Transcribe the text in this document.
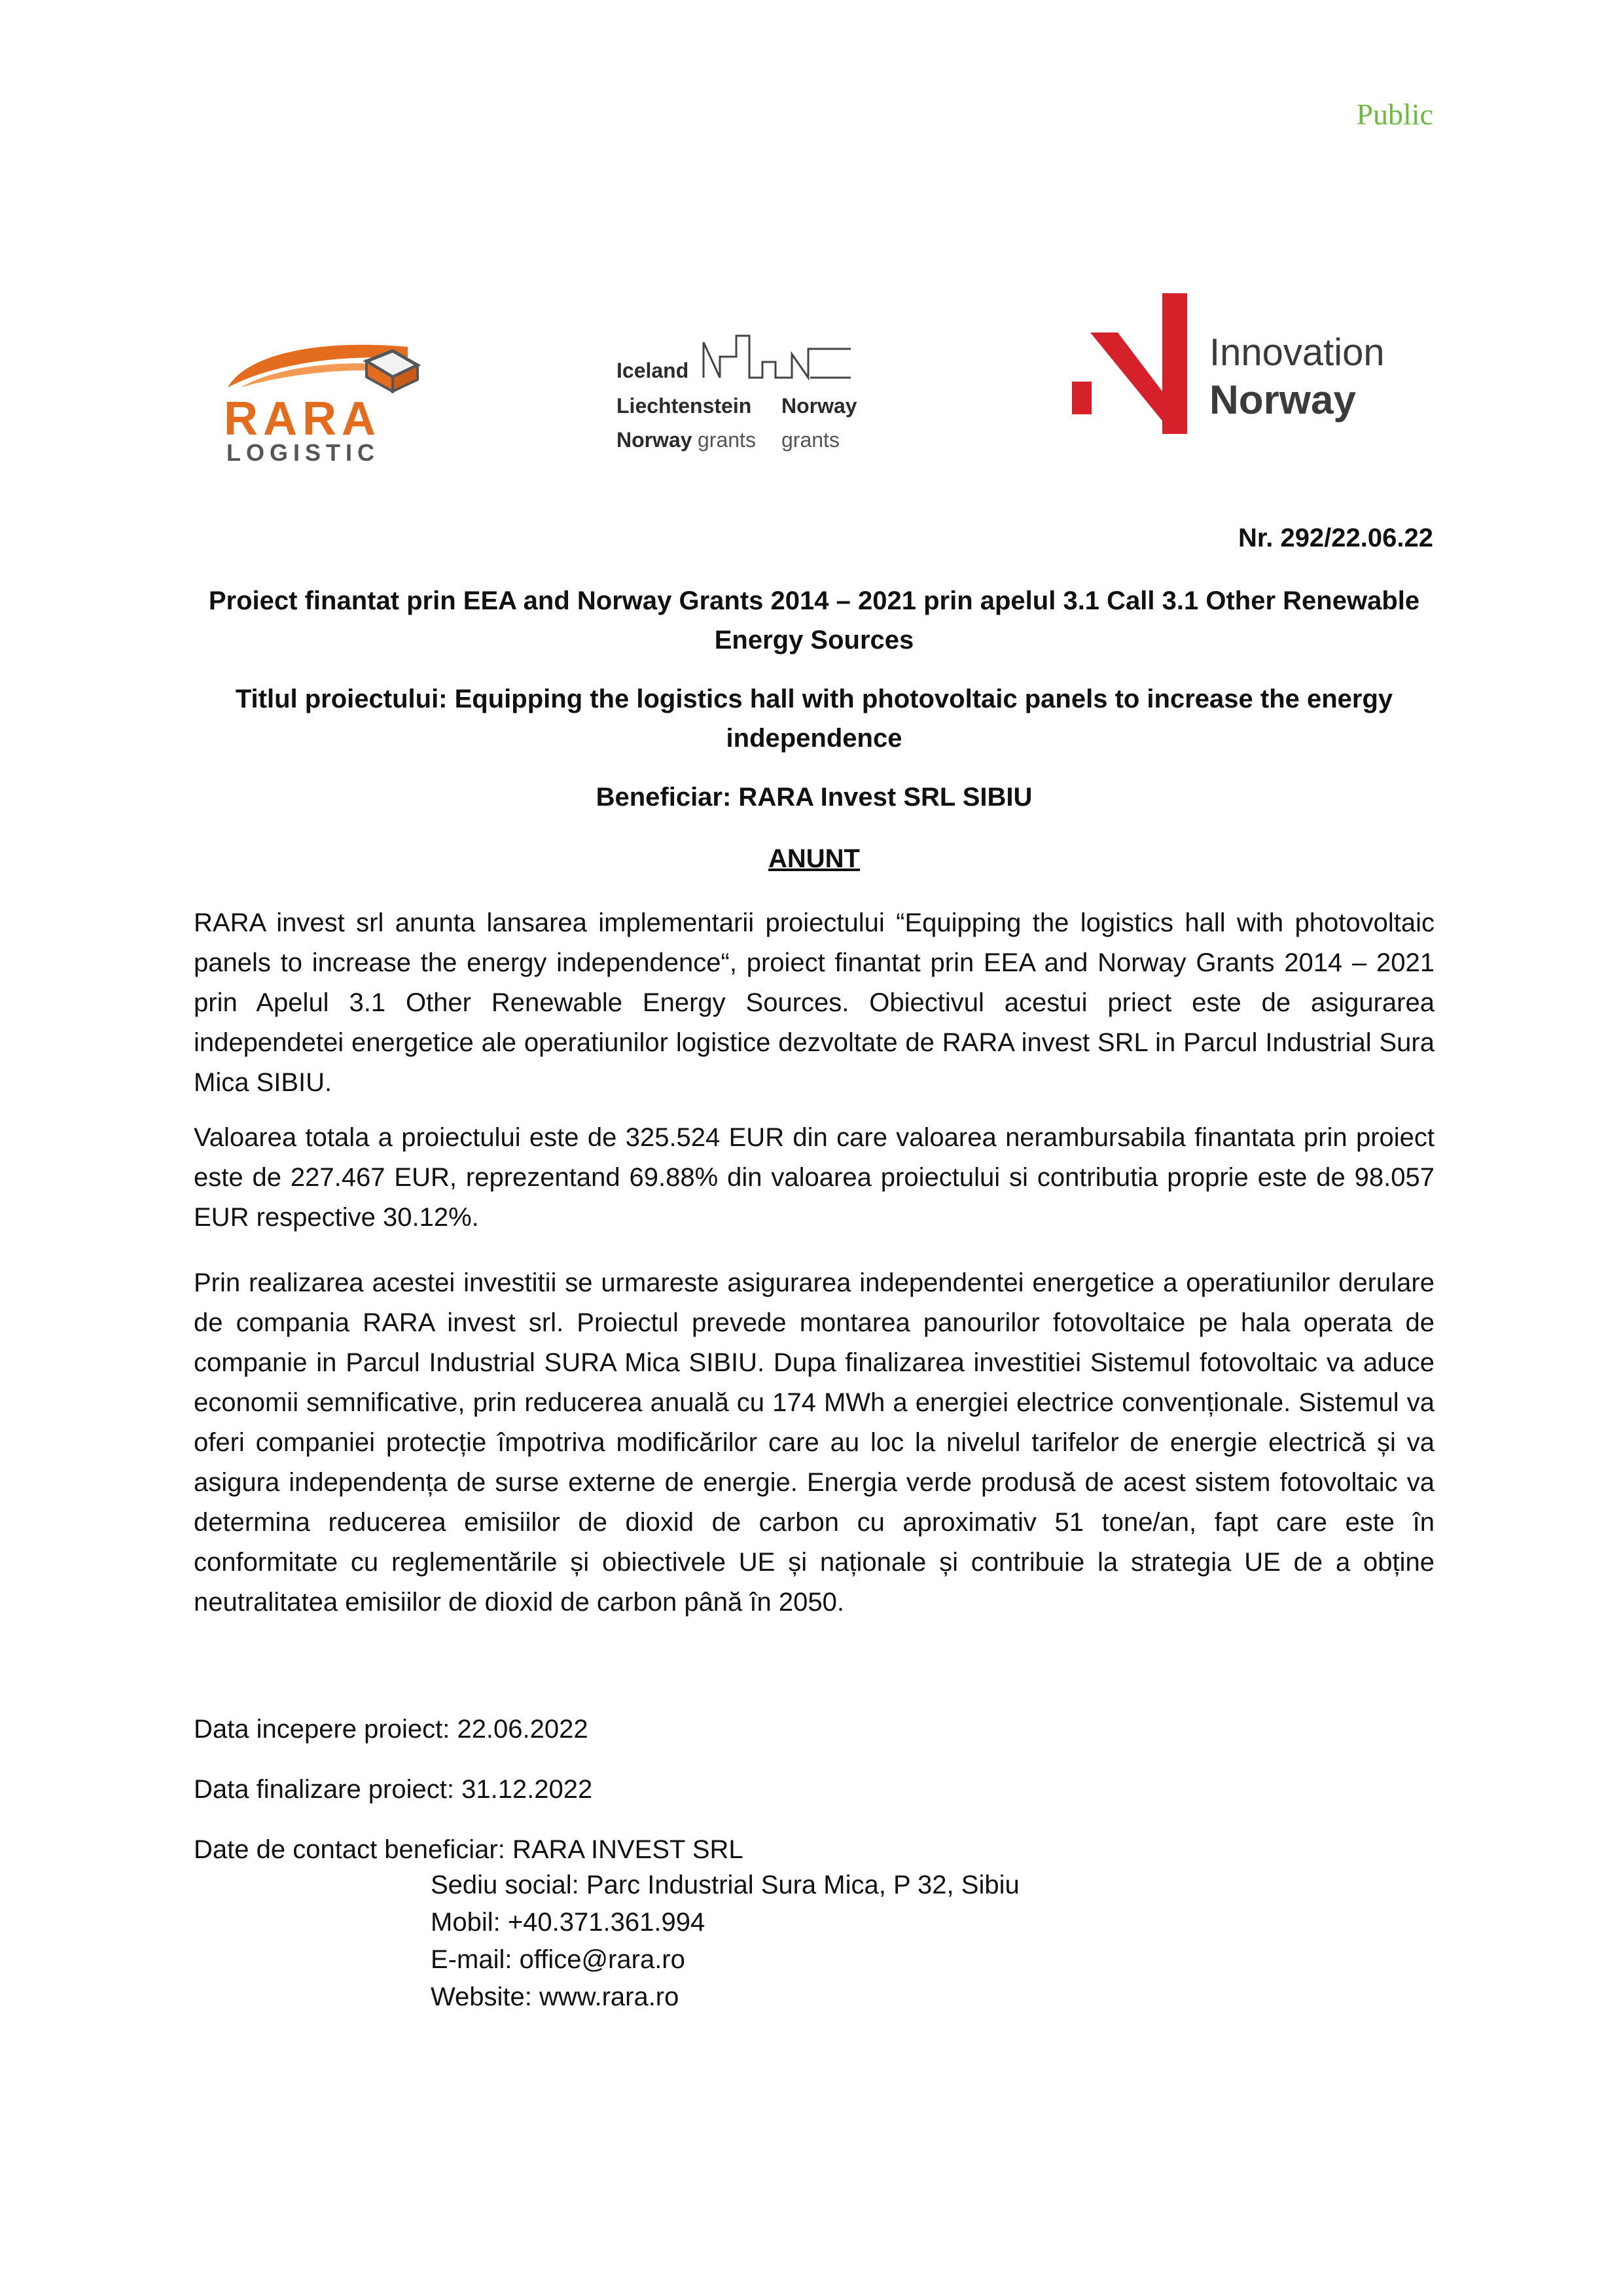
Public
RARA
LOGISTIC
Iceland
Liechtenstein Norway
Norway grants grants
Innovation
Norway
Nr. 292/22.06.22
Proiect finantat prin EEA and Norway Grants 2014 – 2021 prin apelul 3.1 Call 3.1 Other Renewable Energy Sources
Titlul proiectului: Equipping the logistics hall with photovoltaic panels to increase the energy independence
Beneficiar: RARA Invest SRL SIBIU
ANUNT
RARA invest srl anunta lansarea implementarii proiectului “Equipping the logistics hall with photovoltaic panels to increase the energy independence“, proiect finantat prin EEA and Norway Grants 2014 – 2021 prin Apelul 3.1 Other Renewable Energy Sources. Obiectivul acestui priect este de asigurarea independetei energetice ale operatiunilor logistice dezvoltate de RARA invest SRL in Parcul Industrial Sura Mica SIBIU.
Valoarea totala a proiectului este de 325.524 EUR din care valoarea nerambursabila finantata prin proiect este de 227.467 EUR, reprezentand 69.88% din valoarea proiectului si contributia proprie este de 98.057 EUR respective 30.12%.
Prin realizarea acestei investitii se urmareste asigurarea independentei energetice a operatiunilor derulare de compania RARA invest srl. Proiectul prevede montarea panourilor fotovoltaice pe hala operata de companie in Parcul Industrial SURA Mica SIBIU. Dupa finalizarea investitiei Sistemul fotovoltaic va aduce economii semnificative, prin reducerea anuală cu 174 MWh a energiei electrice convenționale. Sistemul va oferi companiei protecție împotriva modificărilor care au loc la nivelul tarifelor de energie electrică și va asigura independența de surse externe de energie. Energia verde produsă de acest sistem fotovoltaic va determina reducerea emisiilor de dioxid de carbon cu aproximativ 51 tone/an, fapt care este în conformitate cu reglementările și obiectivele UE și naționale și contribuie la strategia UE de a obține neutralitatea emisiilor de dioxid de carbon până în 2050.
Data incepere proiect: 22.06.2022
Data finalizare proiect: 31.12.2022
Date de contact beneficiar: RARA INVEST SRL
Sediu social: Parc Industrial Sura Mica, P 32, Sibiu
Mobil: +40.371.361.994
E-mail: office@rara.ro
Website: www.rara.ro
